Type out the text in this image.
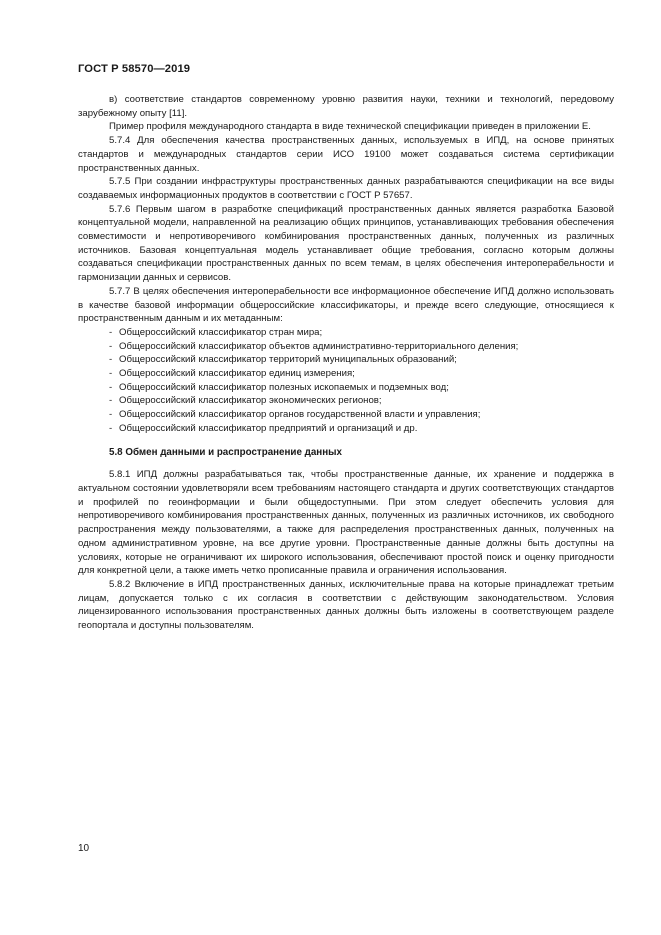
ГОСТ Р 58570—2019

в) соответствие стандартов современному уровню развития науки, техники и технологий, передовому зарубежному опыту [11].

Пример профиля международного стандарта в виде технической спецификации приведен в приложении Е.

5.7.4 Для обеспечения качества пространственных данных, используемых в ИПД, на основе принятых стандартов и международных стандартов серии ИСО 19100 может создаваться система сертификации пространственных данных.

5.7.5 При создании инфраструктуры пространственных данных разрабатываются спецификации на все виды создаваемых информационных продуктов в соответствии с ГОСТ Р 57657.

5.7.6 Первым шагом в разработке спецификаций пространственных данных является разработка Базовой концептуальной модели, направленной на реализацию общих принципов, устанавливающих требования обеспечения совместимости и непротиворечивого комбинирования пространственных данных, полученных из различных источников. Базовая концептуальная модель устанавливает общие требования, согласно которым должны создаваться спецификации пространственных данных по всем темам, в целях обеспечения интероперабельности и гармонизации данных и сервисов.

5.7.7 В целях обеспечения интероперабельности все информационное обеспечение ИПД должно использовать в качестве базовой информации общероссийские классификаторы, и прежде всего следующие, относящиеся к пространственным данным и их метаданным:

- Общероссийский классификатор стран мира;
- Общероссийский классификатор объектов административно-территориального деления;
- Общероссийский классификатор территорий муниципальных образований;
- Общероссийский классификатор единиц измерения;
- Общероссийский классификатор полезных ископаемых и подземных вод;
- Общероссийский классификатор экономических регионов;
- Общероссийский классификатор органов государственной власти и управления;
- Общероссийский классификатор предприятий и организаций и др.
5.8 Обмен данными и распространение данных

5.8.1 ИПД должны разрабатываться так, чтобы пространственные данные, их хранение и поддержка в актуальном состоянии удовлетворяли всем требованиям настоящего стандарта и других соответствующих стандартов и профилей по геоинформации и были общедоступными. При этом следует обеспечить условия для непротиворечивого комбинирования пространственных данных, полученных из различных источников, их свободного распространения между пользователями, а также для распределения пространственных данных, полученных на одном административном уровне, на все другие уровни. Пространственные данные должны быть доступны на условиях, которые не ограничивают их широкого использования, обеспечивают простой поиск и оценку пригодности для конкретной цели, а также иметь четко прописанные правила и ограничения использования.

5.8.2 Включение в ИПД пространственных данных, исключительные права на которые принадлежат третьим лицам, допускается только с их согласия в соответствии с действующим законодательством. Условия лицензированного использования пространственных данных должны быть изложены в соответствующем разделе геопортала и доступны пользователям.

10
